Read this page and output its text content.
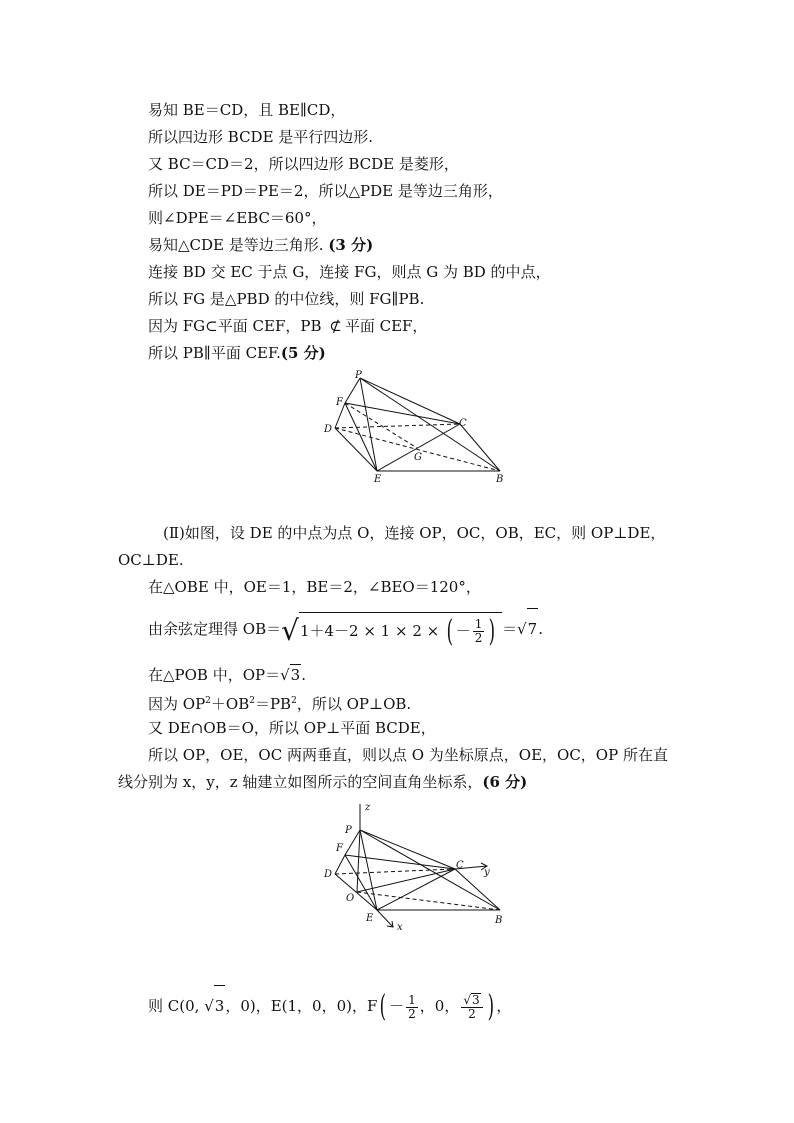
易知 BE＝CD，且 BE∥CD，
所以四边形 BCDE 是平行四边形.
又 BC＝CD＝2，所以四边形 BCDE 是菱形，
所以 DE＝PD＝PE＝2，所以△PDE 是等边三角形，
则∠DPE＝∠EBC＝60°，
易知△CDE 是等边三角形. (3 分)
连接 BD 交 EC 于点 G，连接 FG，则点 G 为 BD 的中点，
所以 FG 是△PBD 的中位线，则 FG∥PB.
因为 FG⊂平面 CEF，PB ⊄ 平面 CEF，
所以 PB∥平面 CEF.(5 分)
P
F
D
C
G
E	B
(Ⅱ)如图，设 DE 的中点为点 O，连接 OP，OC，OB，EC，则 OP⊥DE，
OC⊥DE.
在△OBE 中，OE＝1，BE＝2，∠BEO＝120°，
由余弦定理得 OB＝√1＋4－2 × 1 × 2 × ( － $\frac{1}{2}$ ) ＝√7.
在△POB 中，OP＝√3.
因为 $OP^2+OB^2=PB^2$，所以 OP⊥OB.
又 DE∩OB＝O，所以 OP⊥平面 BCDE，
所以 OP，OE，OC 两两垂直，则以点 O 为坐标原点，OE，OC，OP 所在直
线分别为 x，y，z 轴建立如图所示的空间直角坐标系，(6 分)
z
P
F
D
C
y
O
E
x
B
则 C(0, √3，0)，E(1，0，0)，$F( - \frac{1}{2}$ ，0， $\frac{√3}{2}$ ) ，
